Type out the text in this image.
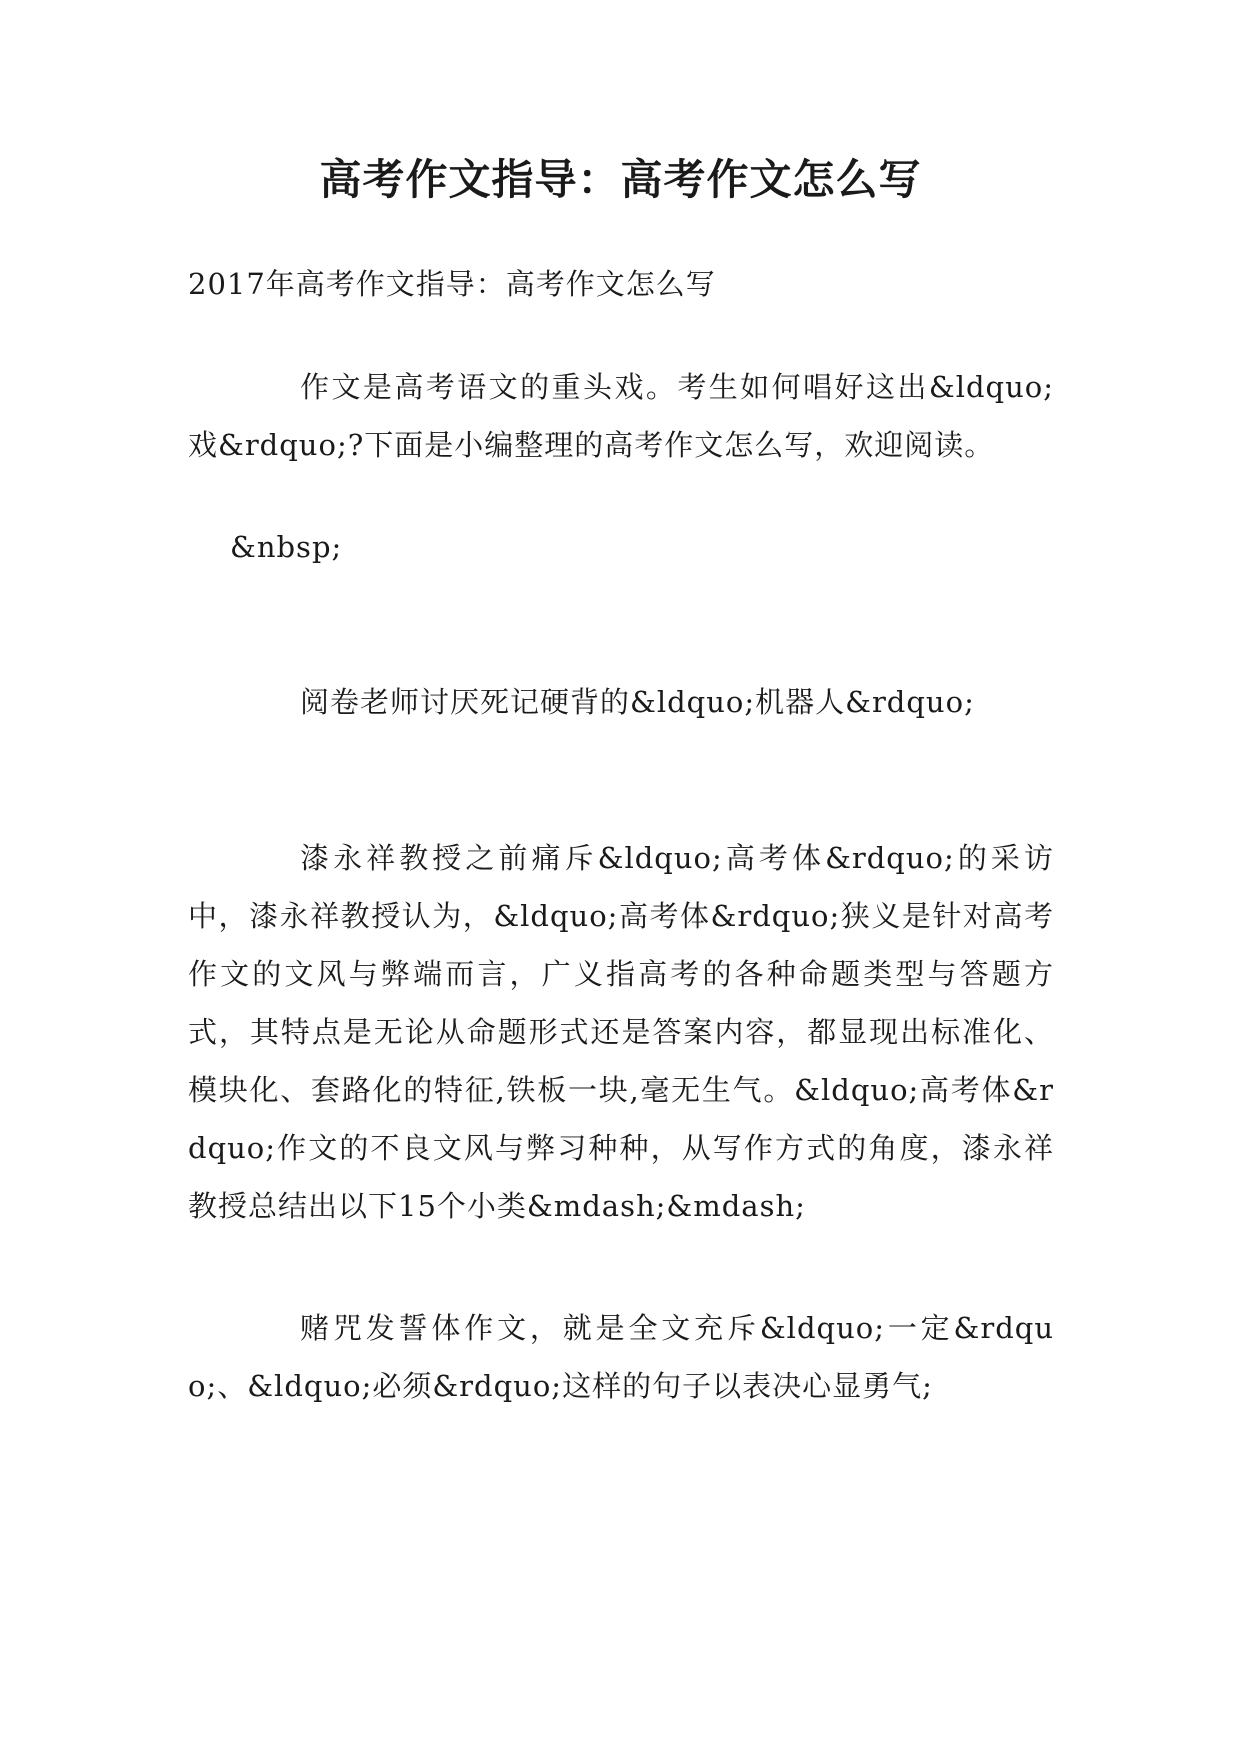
高考作文指导：高考作文怎么写

2017年高考作文指导：高考作文怎么写

作文是高考语文的重头戏。考生如何唱好这出&ldquo;戏&rdquo;?下面是小编整理的高考作文怎么写，欢迎阅读。

&nbsp;

阅卷老师讨厌死记硬背的&ldquo;机器人&rdquo;

漆永祥教授之前痛斥&ldquo;高考体&rdquo;的采访中，漆永祥教授认为，&ldquo;高考体&rdquo;狭义是针对高考作文的文风与弊端而言，广义指高考的各种命题类型与答题方式，其特点是无论从命题形式还是答案内容，都显现出标准化、模块化、套路化的特征,铁板一块,毫无生气。&ldquo;高考体&rdquo;作文的不良文风与弊习种种，从写作方式的角度，漆永祥教授总结出以下15个小类&mdash;&mdash;

赌咒发誓体作文，就是全文充斥&ldquo;一定&rdquo;、&ldquo;必须&rdquo;这样的句子以表决心显勇气;
